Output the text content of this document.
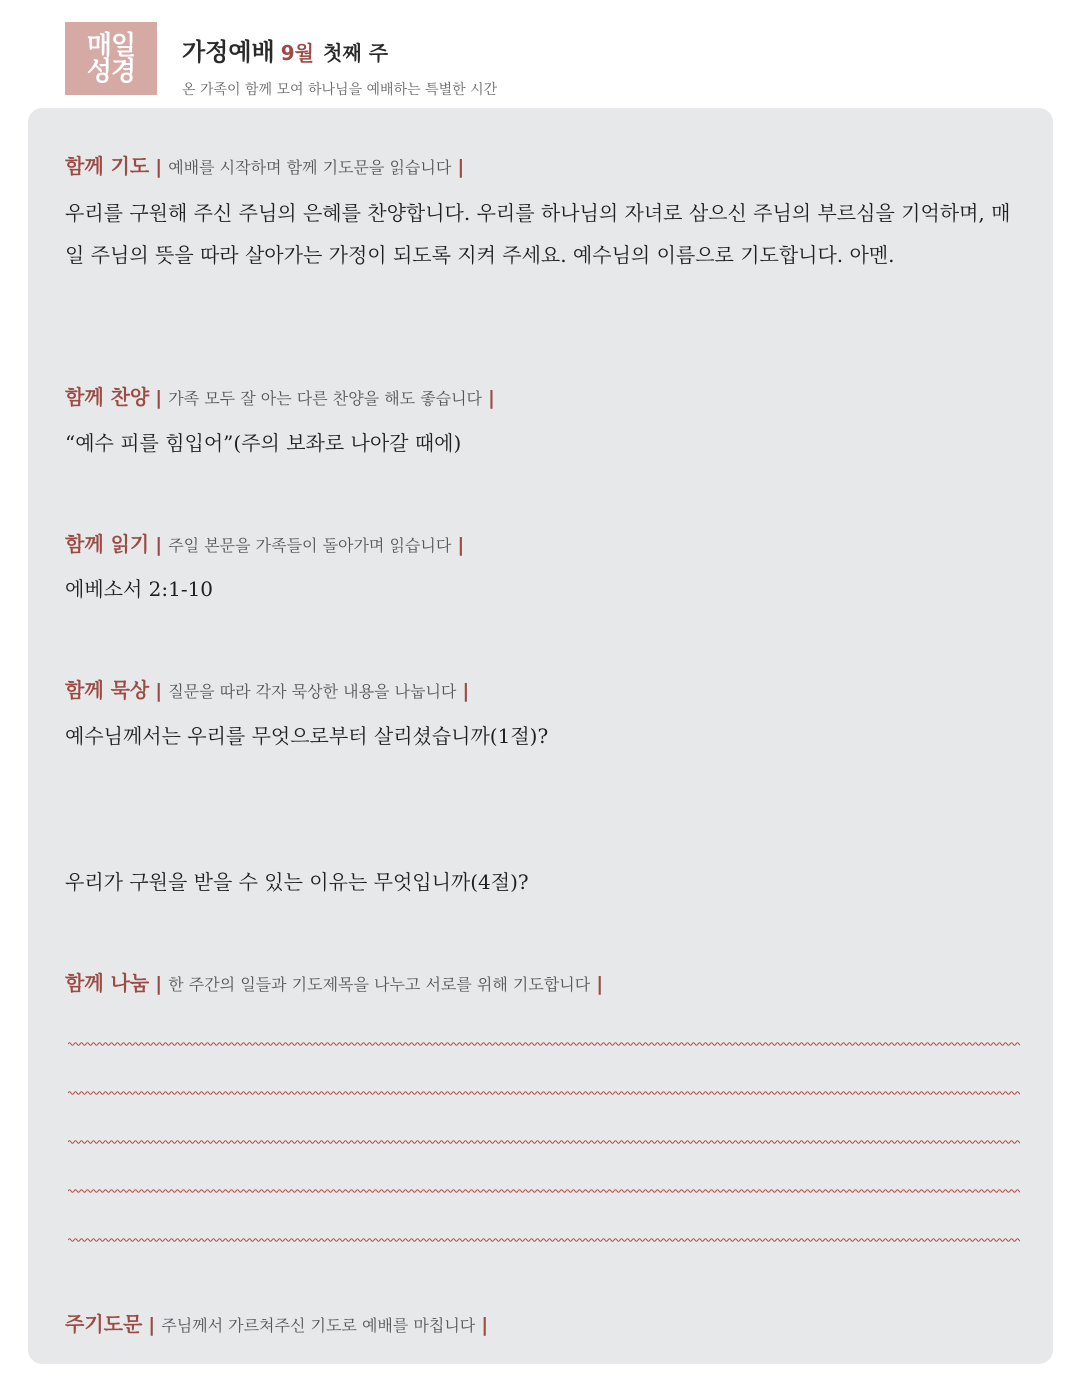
매일
성경
가정예배 9월 첫째 주
온 가족이 함께 모여 하나님을 예배하는 특별한 시간
함께 기도 | 예배를 시작하며 함께 기도문을 읽습니다 |
우리를 구원해 주신 주님의 은혜를 찬양합니다. 우리를 하나님의 자녀로 삼으신 주님의 부르심을 기억하며, 매일 주님의 뜻을 따라 살아가는 가정이 되도록 지켜 주세요. 예수님의 이름으로 기도합니다. 아멘.
함께 찬양 | 가족 모두 잘 아는 다른 찬양을 해도 좋습니다 |
“예수 피를 힘입어”(주의 보좌로 나아갈 때에)
함께 읽기 | 주일 본문을 가족들이 돌아가며 읽습니다 |
에베소서 2:1-10
함께 묵상 | 질문을 따라 각자 묵상한 내용을 나눕니다 |
예수님께서는 우리를 무엇으로부터 살리셨습니까(1절)?
우리가 구원을 받을 수 있는 이유는 무엇입니까(4절)?
함께 나눔 | 한 주간의 일들과 기도제목을 나누고 서로를 위해 기도합니다 |
주기도문 | 주님께서 가르쳐주신 기도로 예배를 마칩니다 |
